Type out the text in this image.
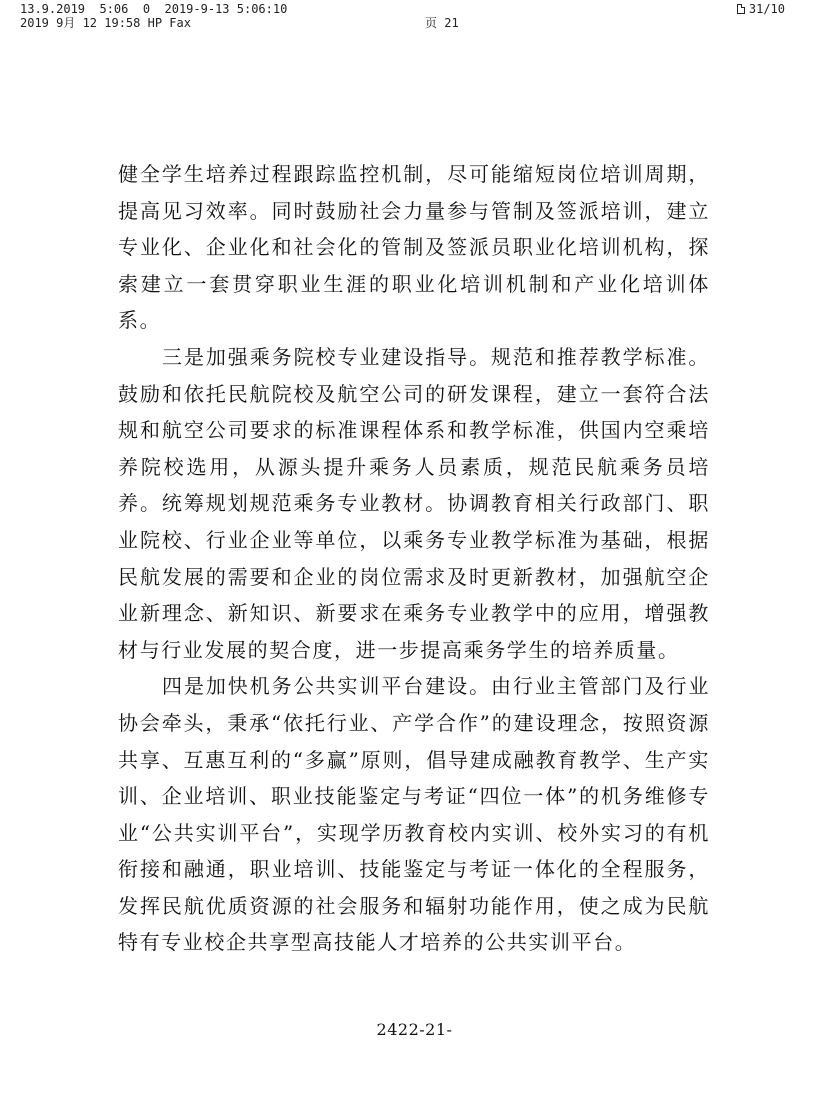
13.9.2019  5:06  0  2019-9-13 5:06:10
2019 9月 12 19:58 HP Fax	页 21
31/10

健全学生培养过程跟踪监控机制，尽可能缩短岗位培训周期，提高见习效率。同时鼓励社会力量参与管制及签派培训，建立专业化、企业化和社会化的管制及签派员职业化培训机构，探索建立一套贯穿职业生涯的职业化培训机制和产业化培训体系。

三是加强乘务院校专业建设指导。规范和推荐教学标准。鼓励和依托民航院校及航空公司的研发课程，建立一套符合法规和航空公司要求的标准课程体系和教学标准，供国内空乘培养院校选用，从源头提升乘务人员素质，规范民航乘务员培养。统筹规划规范乘务专业教材。协调教育相关行政部门、职业院校、行业企业等单位，以乘务专业教学标准为基础，根据民航发展的需要和企业的岗位需求及时更新教材，加强航空企业新理念、新知识、新要求在乘务专业教学中的应用，增强教材与行业发展的契合度，进一步提高乘务学生的培养质量。

四是加快机务公共实训平台建设。由行业主管部门及行业协会牵头，秉承“依托行业、产学合作”的建设理念，按照资源共享、互惠互利的“多赢”原则，倡导建成融教育教学、生产实训、企业培训、职业技能鉴定与考证“四位一体”的机务维修专业“公共实训平台”，实现学历教育校内实训、校外实习的有机衔接和融通，职业培训、技能鉴定与考证一体化的全程服务，发挥民航优质资源的社会服务和辐射功能作用，使之成为民航特有专业校企共享型高技能人才培养的公共实训平台。

2422-21-
